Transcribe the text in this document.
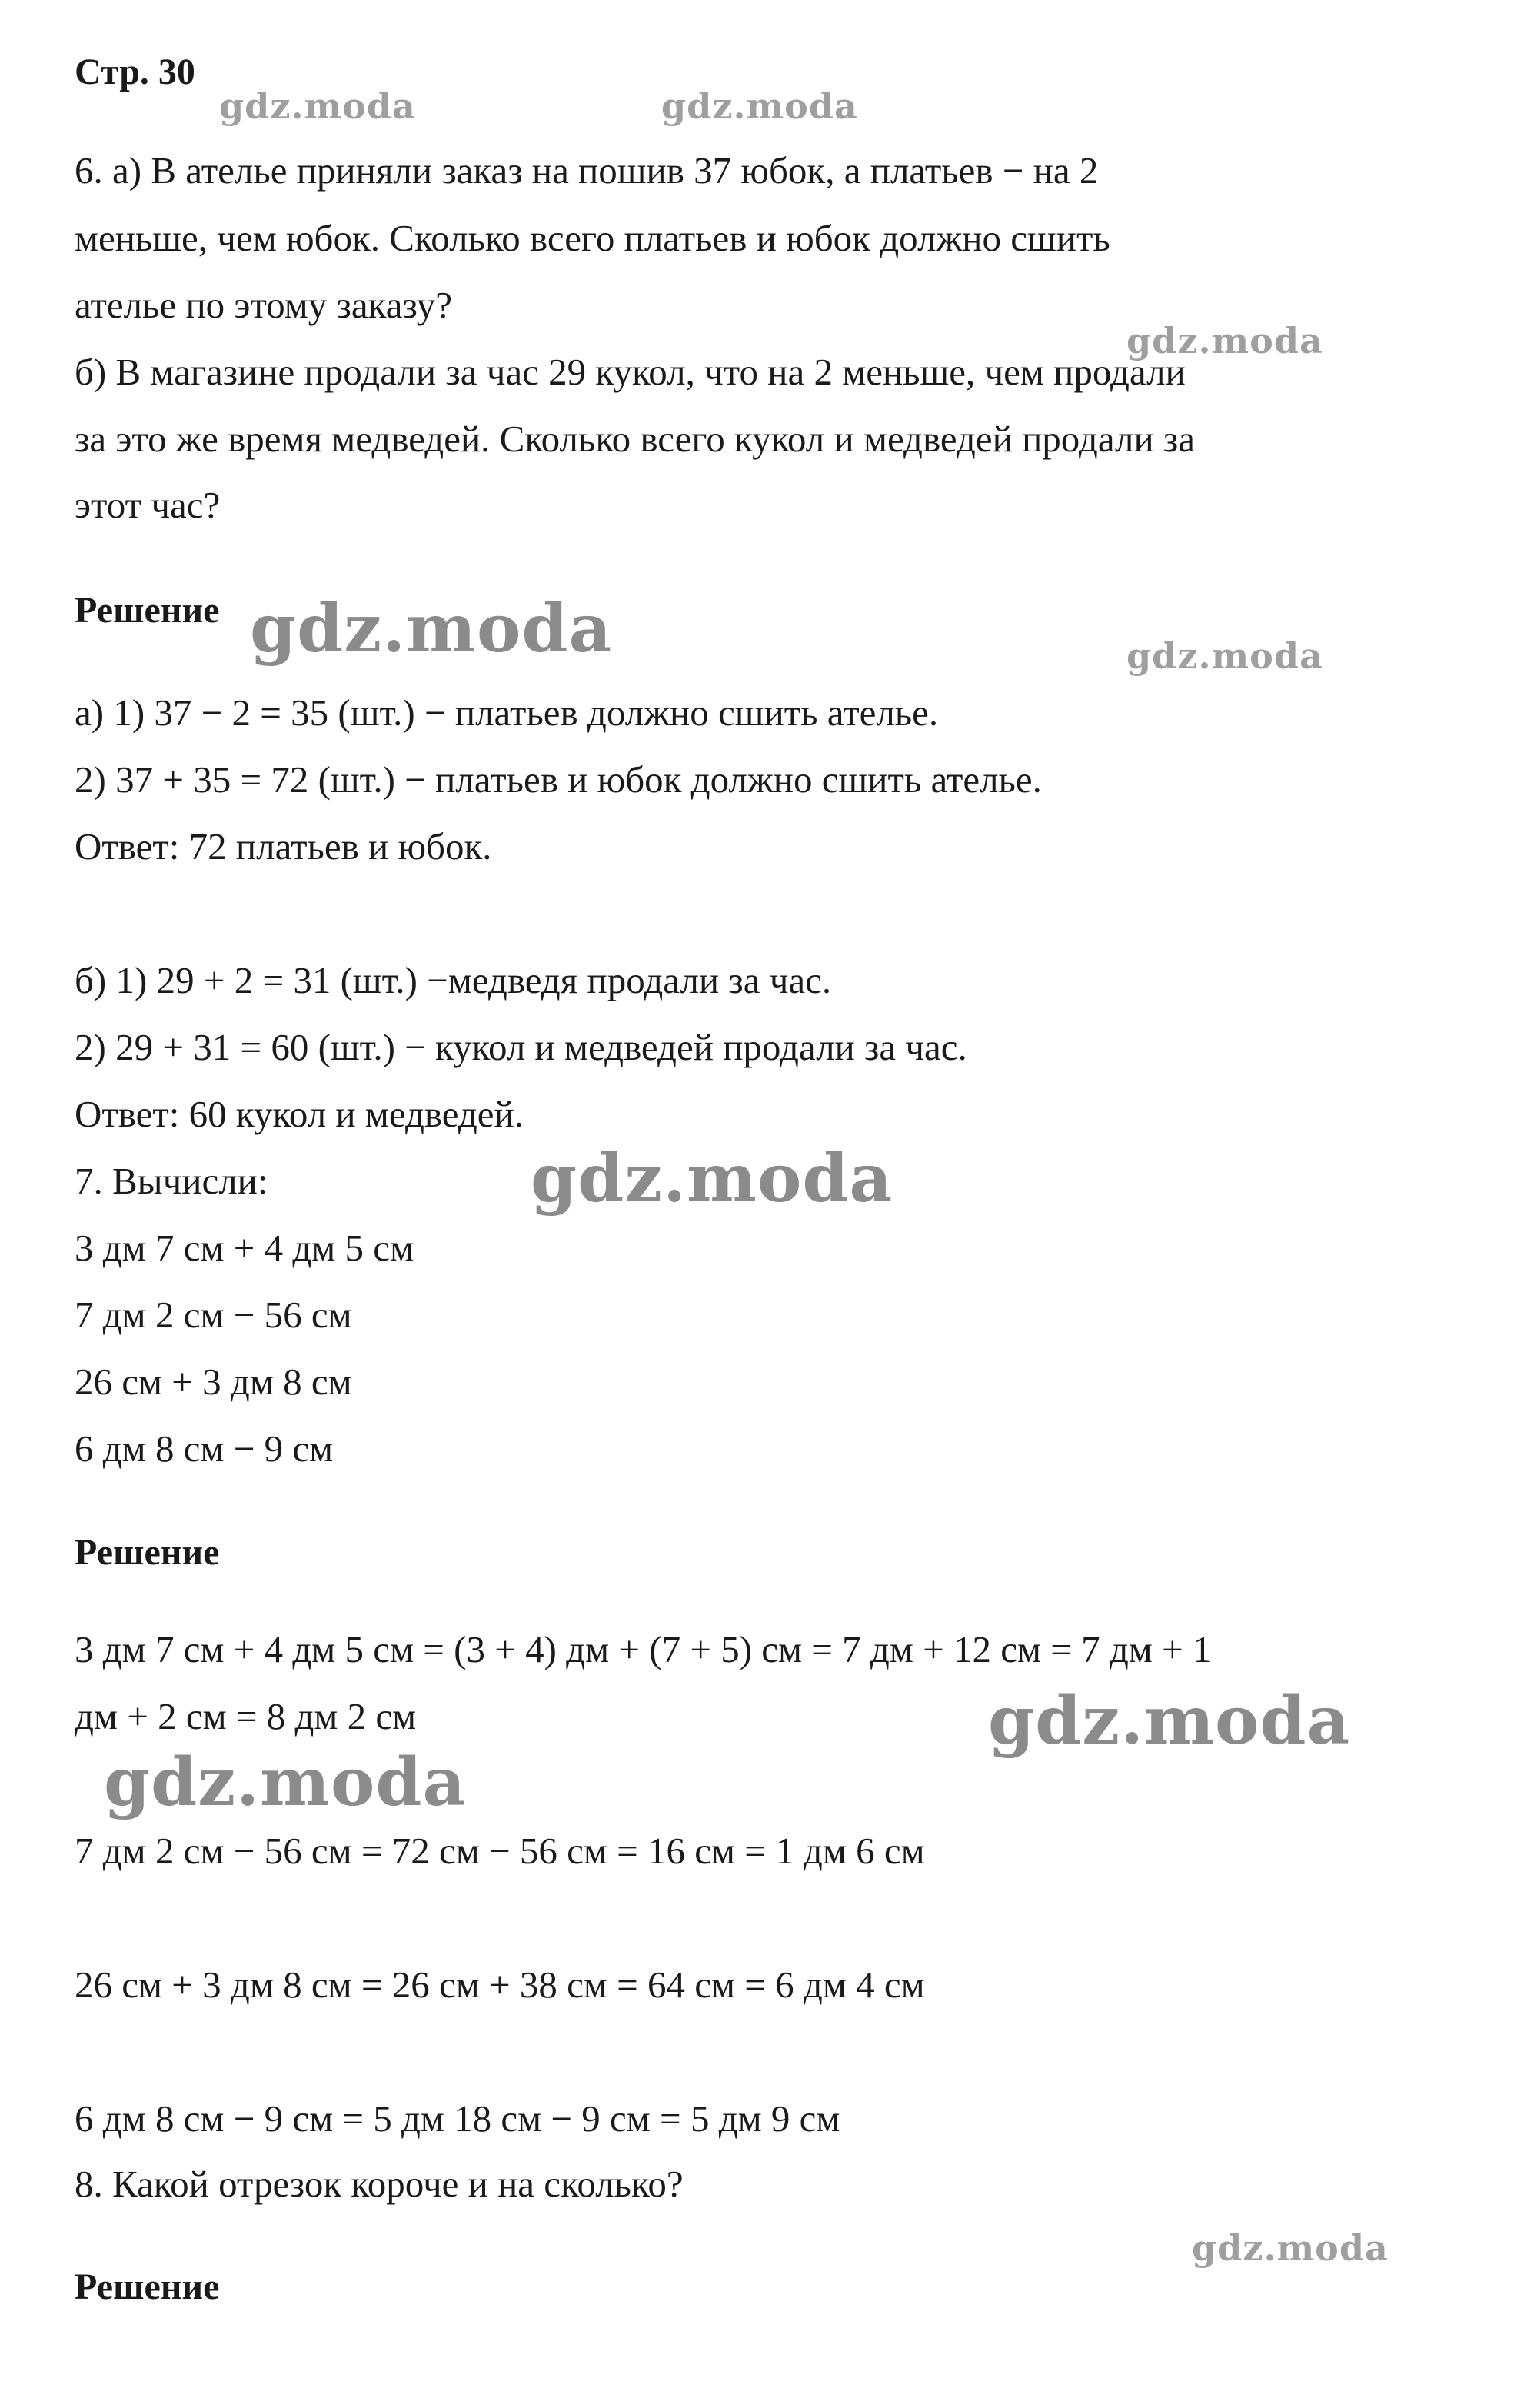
Стр. 30
6. а) В ателье приняли заказ на пошив 37 юбок, а платьев − на 2
меньше, чем юбок. Сколько всего платьев и юбок должно сшить
ателье по этому заказу?
б) В магазине продали за час 29 кукол, что на 2 меньше, чем продали
за это же время медведей. Сколько всего кукол и медведей продали за
этот час?
Решение
а) 1) 37 − 2 = 35 (шт.) − платьев должно сшить ателье.
2) 37 + 35 = 72 (шт.) − платьев и юбок должно сшить ателье.
Ответ: 72 платьев и юбок.
б) 1) 29 + 2 = 31 (шт.) −медведя продали за час.
2) 29 + 31 = 60 (шт.) − кукол и медведей продали за час.
Ответ: 60 кукол и медведей.
7. Вычисли:
3 дм 7 см + 4 дм 5 см
7 дм 2 см − 56 см
26 см + 3 дм 8 см
6 дм 8 см − 9 см
Решение
3 дм 7 см + 4 дм 5 см = (3 + 4) дм + (7 + 5) см = 7 дм + 12 см = 7 дм + 1
дм + 2 см = 8 дм 2 см
7 дм 2 см − 56 см = 72 см − 56 см = 16 см = 1 дм 6 см
26 см + 3 дм 8 см = 26 см + 38 см = 64 см = 6 дм 4 см
6 дм 8 см − 9 см = 5 дм 18 см − 9 см = 5 дм 9 см
8. Какой отрезок короче и на сколько?
Решение
gdz.moda	gdz.moda
gdz.moda
gdz.moda	gdz.moda
gdz.moda
gdz.moda
gdz.moda
gdz.moda
